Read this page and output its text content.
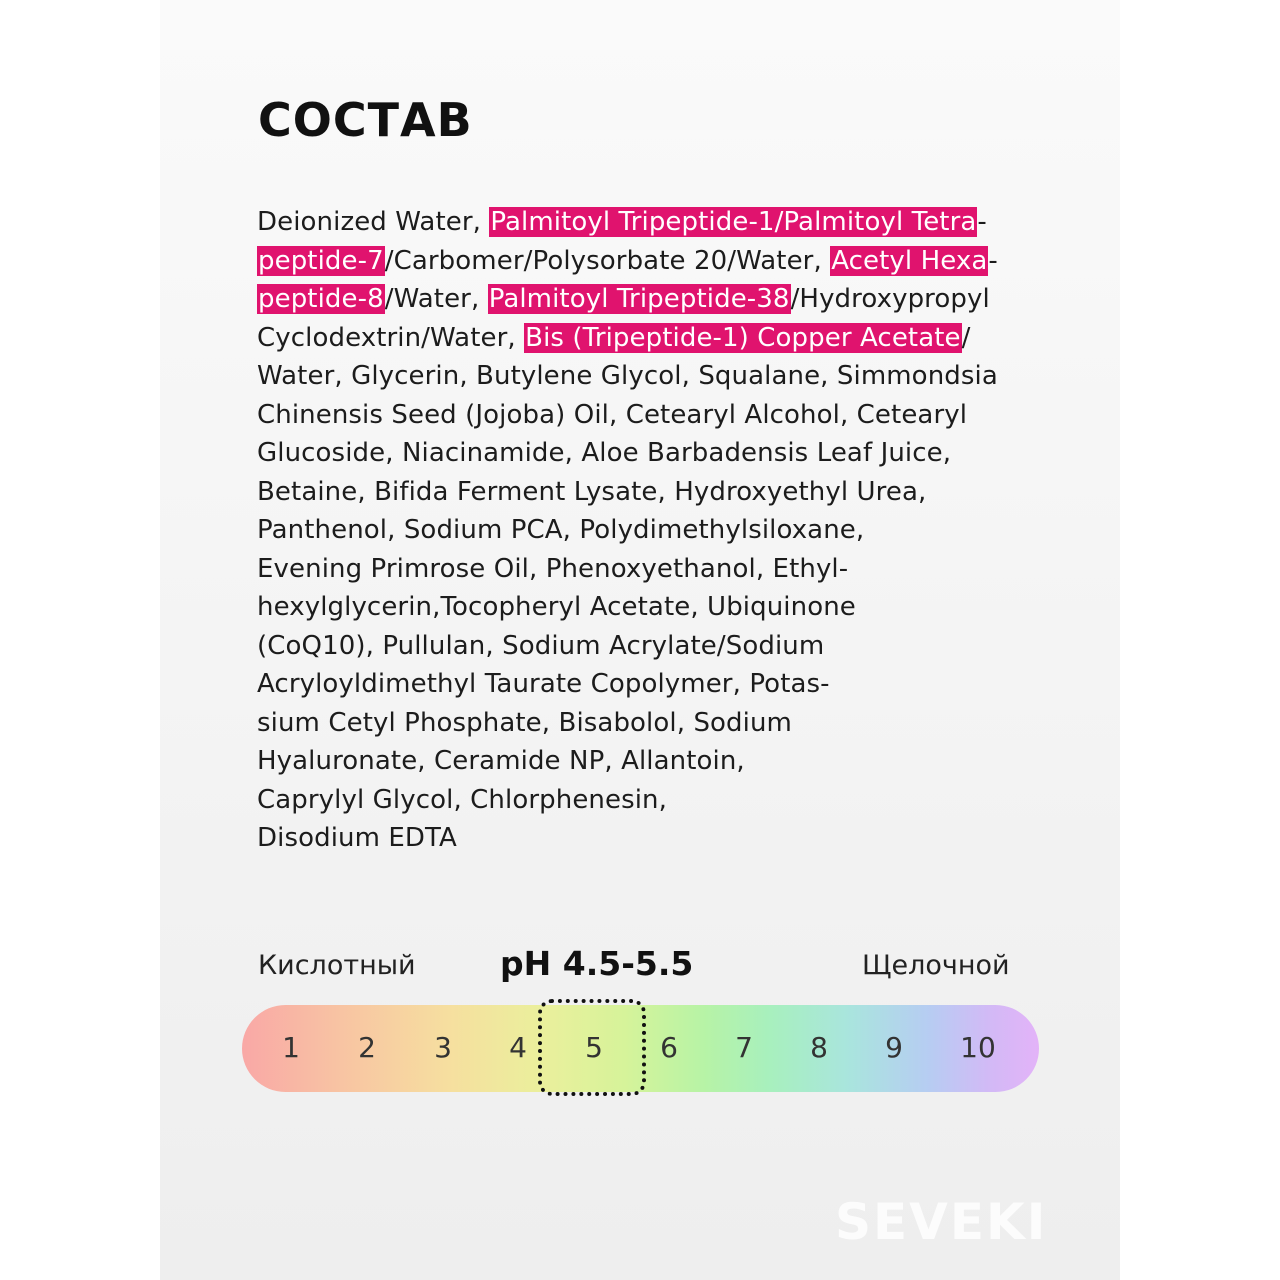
СОСТАВ
Deionized Water, Palmitoyl Tripeptide-1/Palmitoyl Tetra-
peptide-7/Carbomer/Polysorbate 20/Water, Acetyl Hexa-
peptide-8/Water, Palmitoyl Tripeptide-38/Hydroxypropyl
Cyclodextrin/Water, Bis (Tripeptide-1) Copper Acetate/
Water, Glycerin, Butylene Glycol, Squalane, Simmondsia
Chinensis Seed (Jojoba) Oil, Cetearyl Alcohol, Cetearyl
Glucoside, Niacinamide, Aloe Barbadensis Leaf Juice,
Betaine, Bifida Ferment Lysate, Hydroxyethyl Urea,
Panthenol, Sodium PCA, Polydimethylsiloxane,
Evening Primrose Oil, Phenoxyethanol, Ethyl-
hexylglycerin,Tocopheryl Acetate, Ubiquinone
(CoQ10), Pullulan, Sodium Acrylate/Sodium
Acryloyldimethyl Taurate Copolymer, Potas-
sium Cetyl Phosphate, Bisabolol, Sodium
Hyaluronate, Ceramide NP, Allantoin,
Caprylyl Glycol, Chlorphenesin,
Disodium EDTA
Кислотный	pH 4.5-5.5	Щелочной
1	2	3	4	5	6	7	8	9	10
SEVEKI
